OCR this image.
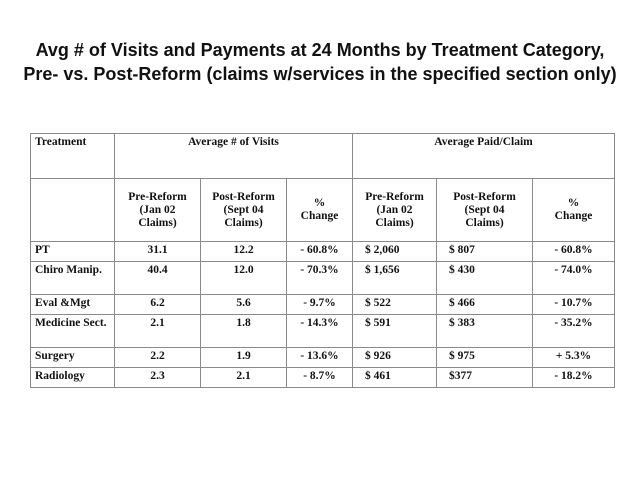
Avg # of Visits and Payments at 24 Months by Treatment Category,
Pre- vs. Post-Reform (claims w/services in the specified section only)
Treatment	Average # of Visits			Average Paid/Claim		
	Pre-Reform
(Jan 02
Claims)	Post-Reform
(Sept 04
Claims)	%
Change	Pre-Reform
(Jan 02
Claims)	Post-Reform
(Sept 04
Claims)	%
Change
PT	31.1	12.2	- 60.8%	$ 2,060	$ 807	- 60.8%
Chiro Manip.	40.4	12.0	- 70.3%	$ 1,656	$ 430	- 74.0%
Eval &Mgt	6.2	5.6	- 9.7%	$ 522	$ 466	- 10.7%
Medicine Sect.	2.1	1.8	- 14.3%	$ 591	$ 383	- 35.2%
Surgery	2.2	1.9	- 13.6%	$ 926	$ 975	+ 5.3%
Radiology	2.3	2.1	- 8.7%	$ 461	$377	- 18.2%
